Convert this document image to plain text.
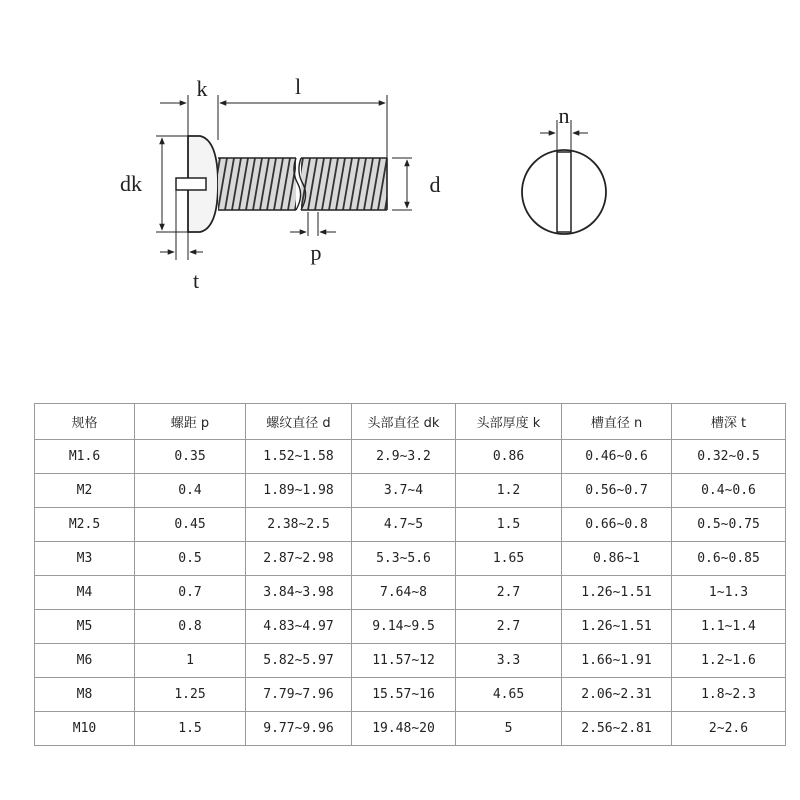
k	l
dk	d
p
t
n
规格	螺距 p	螺纹直径 d	头部直径 dk	头部厚度 k	槽直径 n	槽深 t
M1.6	0.35	1.52~1.58	2.9~3.2	0.86	0.46~0.6	0.32~0.5
M2	0.4	1.89~1.98	3.7~4	1.2	0.56~0.7	0.4~0.6
M2.5	0.45	2.38~2.5	4.7~5	1.5	0.66~0.8	0.5~0.75
M3	0.5	2.87~2.98	5.3~5.6	1.65	0.86~1	0.6~0.85
M4	0.7	3.84~3.98	7.64~8	2.7	1.26~1.51	1~1.3
M5	0.8	4.83~4.97	9.14~9.5	2.7	1.26~1.51	1.1~1.4
M6	1	5.82~5.97	11.57~12	3.3	1.66~1.91	1.2~1.6
M8	1.25	7.79~7.96	15.57~16	4.65	2.06~2.31	1.8~2.3
M10	1.5	9.77~9.96	19.48~20	5	2.56~2.81	2~2.6
